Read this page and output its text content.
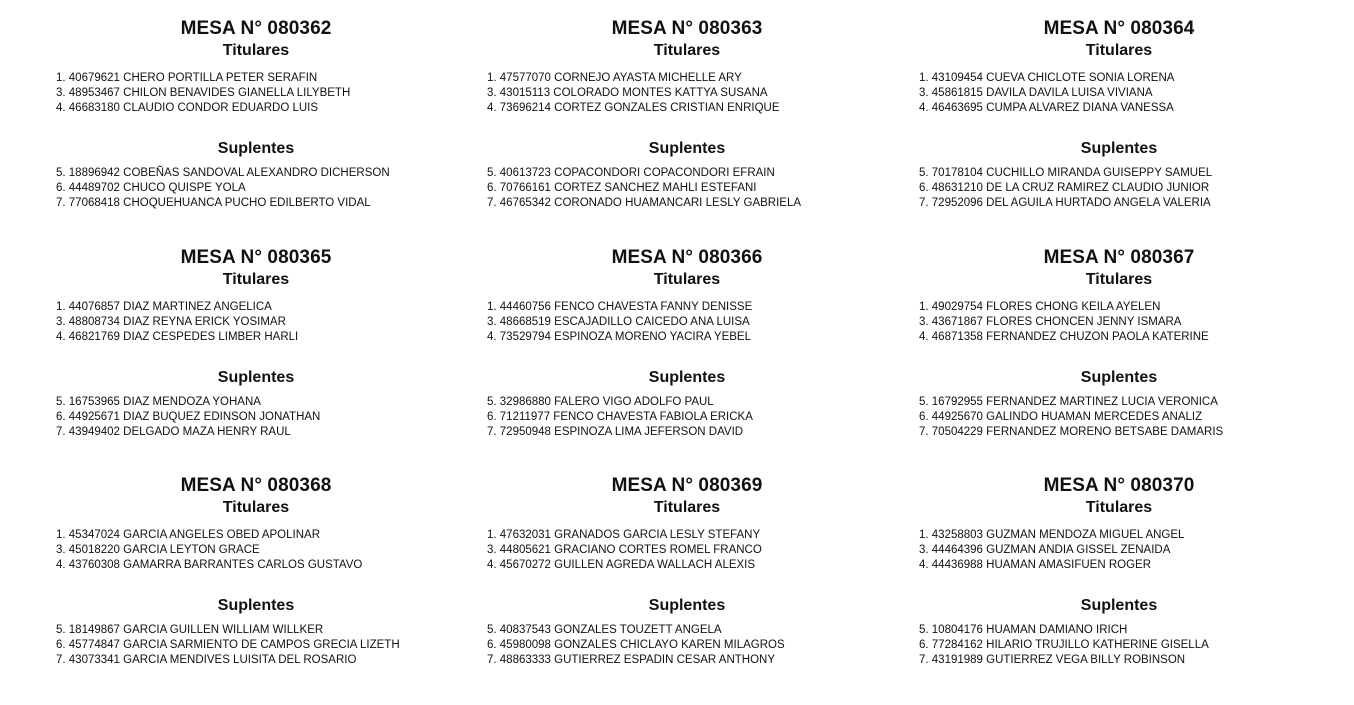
MESA N° 080362
Titulares
1. 40679621 CHERO PORTILLA PETER SERAFIN
3. 48953467 CHILON BENAVIDES GIANELLA LILYBETH
4. 46683180 CLAUDIO CONDOR EDUARDO LUIS
Suplentes
5. 18896942 COBEÑAS SANDOVAL ALEXANDRO DICHERSON
6. 44489702 CHUCO QUISPE YOLA
7. 77068418 CHOQUEHUANCA PUCHO EDILBERTO VIDAL
MESA N° 080363
Titulares
1. 47577070 CORNEJO AYASTA MICHELLE ARY
3. 43015113 COLORADO MONTES KATTYA SUSANA
4. 73696214 CORTEZ GONZALES CRISTIAN ENRIQUE
Suplentes
5. 40613723 COPACONDORI COPACONDORI EFRAIN
6. 70766161 CORTEZ SANCHEZ MAHLI ESTEFANI
7. 46765342 CORONADO HUAMANCARI LESLY GABRIELA
MESA N° 080364
Titulares
1. 43109454 CUEVA CHICLOTE SONIA LORENA
3. 45861815 DAVILA DAVILA LUISA VIVIANA
4. 46463695 CUMPA ALVAREZ DIANA VANESSA
Suplentes
5. 70178104 CUCHILLO MIRANDA GUISEPPY SAMUEL
6. 48631210 DE LA CRUZ RAMIREZ CLAUDIO JUNIOR
7. 72952096 DEL AGUILA HURTADO ANGELA VALERIA
MESA N° 080365
Titulares
1. 44076857 DIAZ MARTINEZ ANGELICA
3. 48808734 DIAZ REYNA ERICK YOSIMAR
4. 46821769 DIAZ CESPEDES LIMBER HARLI
Suplentes
5. 16753965 DIAZ MENDOZA YOHANA
6. 44925671 DIAZ BUQUEZ EDINSON JONATHAN
7. 43949402 DELGADO MAZA HENRY RAUL
MESA N° 080366
Titulares
1. 44460756 FENCO CHAVESTA FANNY DENISSE
3. 48668519 ESCAJADILLO CAICEDO ANA LUISA
4. 73529794 ESPINOZA MORENO YACIRA YEBEL
Suplentes
5. 32986880 FALERO VIGO ADOLFO PAUL
6. 71211977 FENCO CHAVESTA FABIOLA ERICKA
7. 72950948 ESPINOZA LIMA JEFERSON DAVID
MESA N° 080367
Titulares
1. 49029754 FLORES CHONG KEILA AYELEN
3. 43671867 FLORES CHONCEN JENNY ISMARA
4. 46871358 FERNANDEZ CHUZON PAOLA KATERINE
Suplentes
5. 16792955 FERNANDEZ MARTINEZ LUCIA VERONICA
6. 44925670 GALINDO HUAMAN MERCEDES ANALIZ
7. 70504229 FERNANDEZ MORENO BETSABE DAMARIS
MESA N° 080368
Titulares
1. 45347024 GARCIA ANGELES OBED APOLINAR
3. 45018220 GARCIA LEYTON GRACE
4. 43760308 GAMARRA BARRANTES CARLOS GUSTAVO
Suplentes
5. 18149867 GARCIA GUILLEN WILLIAM WILLKER
6. 45774847 GARCIA SARMIENTO DE CAMPOS GRECIA LIZETH
7. 43073341 GARCIA MENDIVES LUISITA DEL ROSARIO
MESA N° 080369
Titulares
1. 47632031 GRANADOS GARCIA LESLY STEFANY
3. 44805621 GRACIANO CORTES ROMEL FRANCO
4. 45670272 GUILLEN AGREDA WALLACH ALEXIS
Suplentes
5. 40837543 GONZALES TOUZETT ANGELA
6. 45980098 GONZALES CHICLAYO KAREN MILAGROS
7. 48863333 GUTIERREZ ESPADIN CESAR ANTHONY
MESA N° 080370
Titulares
1. 43258803 GUZMAN MENDOZA MIGUEL ANGEL
3. 44464396 GUZMAN ANDIA GISSEL ZENAIDA
4. 44436988 HUAMAN AMASIFUEN ROGER
Suplentes
5. 10804176 HUAMAN DAMIANO IRICH
6. 77284162 HILARIO TRUJILLO KATHERINE GISELLA
7. 43191989 GUTIERREZ VEGA BILLY ROBINSON
